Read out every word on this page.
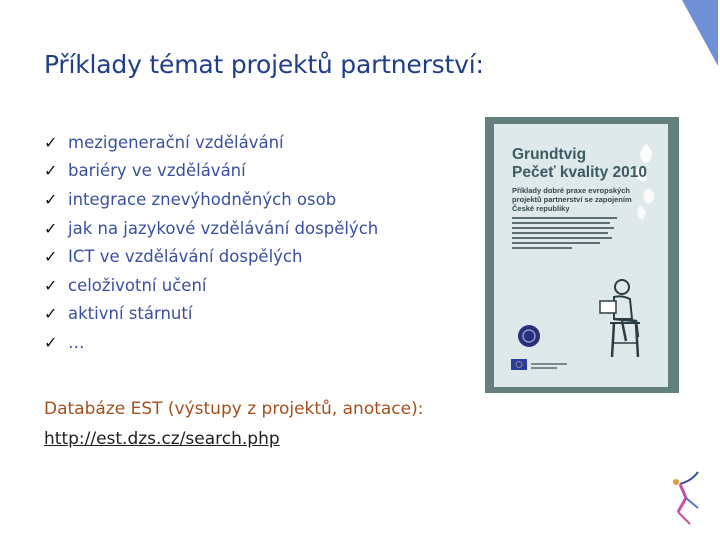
Příklady témat projektů partnerství:
✓ mezigenerační vzdělávání
✓ bariéry ve vzdělávání
✓ integrace znevýhodněných osob
✓ jak na jazykové vzdělávání dospělých
✓ ICT ve vzdělávání dospělých
✓ celoživotní učení
✓ aktivní stárnutí
✓ …
Databáze EST (výstupy z projektů, anotace):
http://est.dzs.cz/search.php
Grundtvig
Pečeť kvality 2010
Příklady dobré praxe evropských projektů partnerství se zapojením České republiky
